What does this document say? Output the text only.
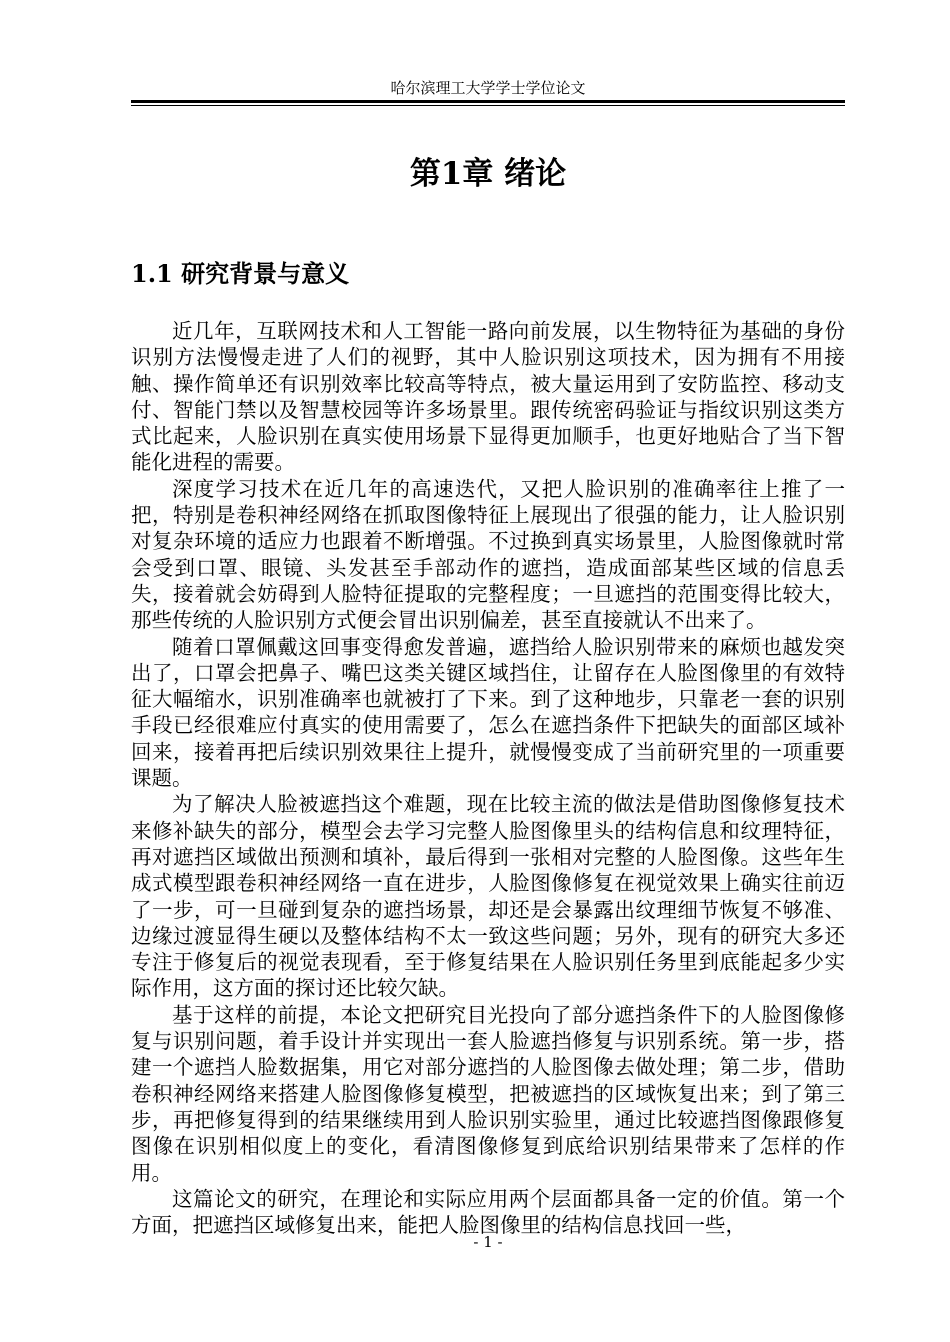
哈尔滨理工大学学士学位论文
第1章 绪论
1.1 研究背景与意义

近几年，互联网技术和人工智能一路向前发展，以生物特征为基础的身份识别方法慢慢走进了人们的视野，其中人脸识别这项技术，因为拥有不用接触、操作简单还有识别效率比较高等特点，被大量运用到了安防监控、移动支付、智能门禁以及智慧校园等许多场景里。跟传统密码验证与指纹识别这类方式比起来，人脸识别在真实使用场景下显得更加顺手，也更好地贴合了当下智能化进程的需要。

深度学习技术在近几年的高速迭代，又把人脸识别的准确率往上推了一把，特别是卷积神经网络在抓取图像特征上展现出了很强的能力，让人脸识别对复杂环境的适应力也跟着不断增强。不过换到真实场景里，人脸图像就时常会受到口罩、眼镜、头发甚至手部动作的遮挡，造成面部某些区域的信息丢失，接着就会妨碍到人脸特征提取的完整程度；一旦遮挡的范围变得比较大，那些传统的人脸识别方式便会冒出识别偏差，甚至直接就认不出来了。

随着口罩佩戴这回事变得愈发普遍，遮挡给人脸识别带来的麻烦也越发突出了，口罩会把鼻子、嘴巴这类关键区域挡住，让留存在人脸图像里的有效特征大幅缩水，识别准确率也就被打了下来。到了这种地步，只靠老一套的识别手段已经很难应付真实的使用需要了，怎么在遮挡条件下把缺失的面部区域补回来，接着再把后续识别效果往上提升，就慢慢变成了当前研究里的一项重要课题。

为了解决人脸被遮挡这个难题，现在比较主流的做法是借助图像修复技术来修补缺失的部分，模型会去学习完整人脸图像里头的结构信息和纹理特征，再对遮挡区域做出预测和填补，最后得到一张相对完整的人脸图像。这些年生成式模型跟卷积神经网络一直在进步，人脸图像修复在视觉效果上确实往前迈了一步，可一旦碰到复杂的遮挡场景，却还是会暴露出纹理细节恢复不够准、边缘过渡显得生硬以及整体结构不太一致这些问题；另外，现有的研究大多还专注于修复后的视觉表现看，至于修复结果在人脸识别任务里到底能起多少实际作用，这方面的探讨还比较欠缺。

基于这样的前提，本论文把研究目光投向了部分遮挡条件下的人脸图像修复与识别问题，着手设计并实现出一套人脸遮挡修复与识别系统。第一步，搭建一个遮挡人脸数据集，用它对部分遮挡的人脸图像去做处理；第二步，借助卷积神经网络来搭建人脸图像修复模型，把被遮挡的区域恢复出来；到了第三步，再把修复得到的结果继续用到人脸识别实验里，通过比较遮挡图像跟修复图像在识别相似度上的变化，看清图像修复到底给识别结果带来了怎样的作用。

这篇论文的研究，在理论和实际应用两个层面都具备一定的价值。第一个方面，把遮挡区域修复出来，能把人脸图像里的结构信息找回一些，

- 1 -
